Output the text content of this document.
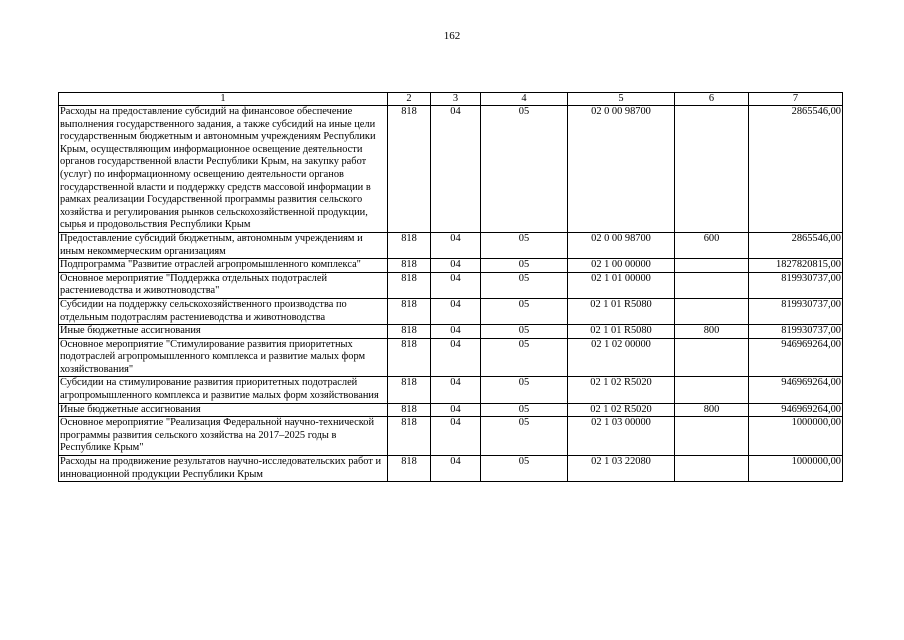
162
1	2	3	4	5	6	7
Расходы на предоставление субсидий на финансовое обеспечение выполнения государственного задания, а также субсидий на иные цели государственным бюджетным и автономным учреждениям Республики Крым, осуществляющим информационное освещение деятельности органов государственной власти Республики Крым, на закупку работ (услуг) по информационному освещению деятельности органов государственной власти и поддержку средств массовой информации в рамках реализации Государственной программы развития сельского хозяйства и регулирования рынков сельскохозяйственной продукции, сырья и продовольствия Республики Крым	818	04	05	02 0 00 98700		2865546,00
Предоставление субсидий бюджетным, автономным учреждениям и иным некоммерческим организациям	818	04	05	02 0 00 98700	600	2865546,00
Подпрограмма "Развитие отраслей агропромышленного комплекса"	818	04	05	02 1 00 00000		1827820815,00
Основное мероприятие "Поддержка отдельных подотраслей растениеводства и животноводства"	818	04	05	02 1 01 00000		819930737,00
Субсидии на поддержку сельскохозяйственного производства по отдельным подотраслям растениеводства и животноводства	818	04	05	02 1 01 R5080		819930737,00
Иные бюджетные ассигнования	818	04	05	02 1 01 R5080	800	819930737,00
Основное мероприятие "Стимулирование развития приоритетных подотраслей агропромышленного комплекса и развитие малых форм хозяйствования"	818	04	05	02 1 02 00000		946969264,00
Субсидии на стимулирование развития приоритетных подотраслей агропромышленного комплекса и развитие малых форм хозяйствования	818	04	05	02 1 02 R5020		946969264,00
Иные бюджетные ассигнования	818	04	05	02 1 02 R5020	800	946969264,00
Основное мероприятие "Реализация Федеральной научно-технической программы развития сельского хозяйства на 2017–2025 годы в Республике Крым"	818	04	05	02 1 03 00000		1000000,00
Расходы на продвижение результатов научно-исследовательских работ и инновационной продукции Республики Крым	818	04	05	02 1 03 22080		1000000,00
